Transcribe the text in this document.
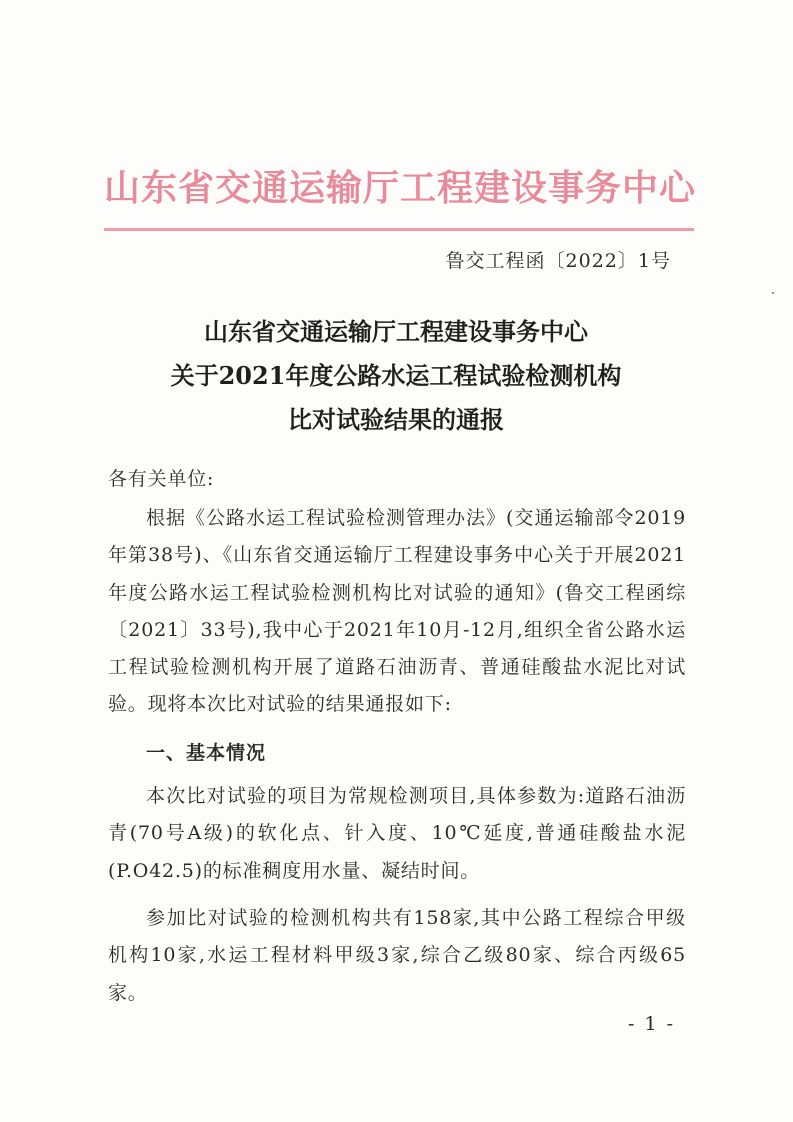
山东省交通运输厅工程建设事务中心
鲁交工程函〔2022〕1号
山东省交通运输厅工程建设事务中心
关于2021年度公路水运工程试验检测机构
比对试验结果的通报
各有关单位:
根据《公路水运工程试验检测管理办法》(交通运输部令2019年第38号)、《山东省交通运输厅工程建设事务中心关于开展2021年度公路水运工程试验检测机构比对试验的通知》(鲁交工程函综〔2021〕33号),我中心于2021年10月-12月,组织全省公路水运工程试验检测机构开展了道路石油沥青、普通硅酸盐水泥比对试验。现将本次比对试验的结果通报如下:
一、基本情况
本次比对试验的项目为常规检测项目,具体参数为:道路石油沥青(70号A级)的软化点、针入度、10℃延度,普通硅酸盐水泥(P.O42.5)的标准稠度用水量、凝结时间。
参加比对试验的检测机构共有158家,其中公路工程综合甲级机构10家,水运工程材料甲级3家,综合乙级80家、综合丙级65家。
- 1 -
